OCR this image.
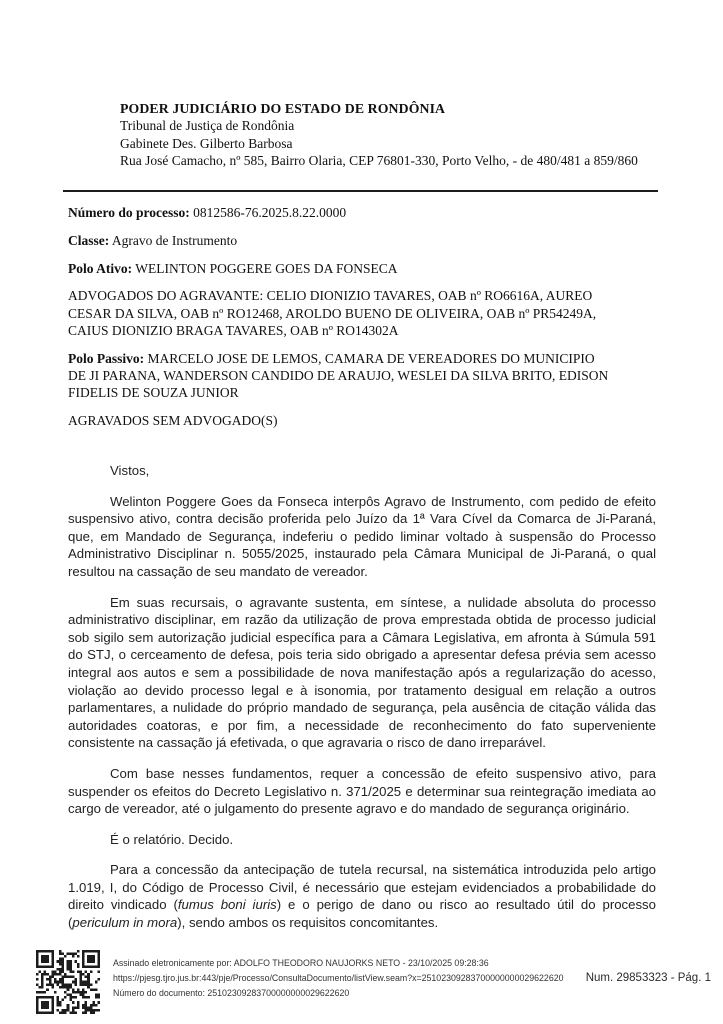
PODER JUDICIÁRIO DO ESTADO DE RONDÔNIA
Tribunal de Justiça de Rondônia
Gabinete Des. Gilberto Barbosa
Rua José Camacho, nº 585, Bairro Olaria, CEP 76801-330, Porto Velho, - de 480/481 a 859/860

Número do processo: 0812586-76.2025.8.22.0000

Classe: Agravo de Instrumento

Polo Ativo: WELINTON POGGERE GOES DA FONSECA

ADVOGADOS DO AGRAVANTE: CELIO DIONIZIO TAVARES, OAB nº RO6616A, AUREO CESAR DA SILVA, OAB nº RO12468, AROLDO BUENO DE OLIVEIRA, OAB nº PR54249A, CAIUS DIONIZIO BRAGA TAVARES, OAB nº RO14302A

Polo Passivo: MARCELO JOSE DE LEMOS, CAMARA DE VEREADORES DO MUNICIPIO DE JI PARANA, WANDERSON CANDIDO DE ARAUJO, WESLEI DA SILVA BRITO, EDISON FIDELIS DE SOUZA JUNIOR

AGRAVADOS SEM ADVOGADO(S)

Vistos,

Welinton Poggere Goes da Fonseca interpôs Agravo de Instrumento, com pedido de efeito suspensivo ativo, contra decisão proferida pelo Juízo da 1ª Vara Cível da Comarca de Ji-Paraná, que, em Mandado de Segurança, indeferiu o pedido liminar voltado à suspensão do Processo Administrativo Disciplinar n. 5055/2025, instaurado pela Câmara Municipal de Ji-Paraná, o qual resultou na cassação de seu mandato de vereador.

Em suas recursais, o agravante sustenta, em síntese, a nulidade absoluta do processo administrativo disciplinar, em razão da utilização de prova emprestada obtida de processo judicial sob sigilo sem autorização judicial específica para a Câmara Legislativa, em afronta à Súmula 591 do STJ, o cerceamento de defesa, pois teria sido obrigado a apresentar defesa prévia sem acesso integral aos autos e sem a possibilidade de nova manifestação após a regularização do acesso, violação ao devido processo legal e à isonomia, por tratamento desigual em relação a outros parlamentares, a nulidade do próprio mandado de segurança, pela ausência de citação válida das autoridades coatoras, e por fim, a necessidade de reconhecimento do fato superveniente consistente na cassação já efetivada, o que agravaria o risco de dano irreparável.

Com base nesses fundamentos, requer a concessão de efeito suspensivo ativo, para suspender os efeitos do Decreto Legislativo n. 371/2025 e determinar sua reintegração imediata ao cargo de vereador, até o julgamento do presente agravo e do mandado de segurança originário.

É o relatório. Decido.

Para a concessão da antecipação de tutela recursal, na sistemática introduzida pelo artigo 1.019, I, do Código de Processo Civil, é necessário que estejam evidenciados a probabilidade do direito vindicado (fumus boni iuris) e o perigo de dano ou risco ao resultado útil do processo (periculum in mora), sendo ambos os requisitos concomitantes.

Assinado eletronicamente por: ADOLFO THEODORO NAUJORKS NETO - 23/10/2025 09:28:36
https://pjesg.tjro.jus.br:443/pje/Processo/ConsultaDocumento/listView.seam?x=25102309283700000000029622620
Número do documento: 25102309283700000000029622620
Num. 29853323 - Pág. 1
